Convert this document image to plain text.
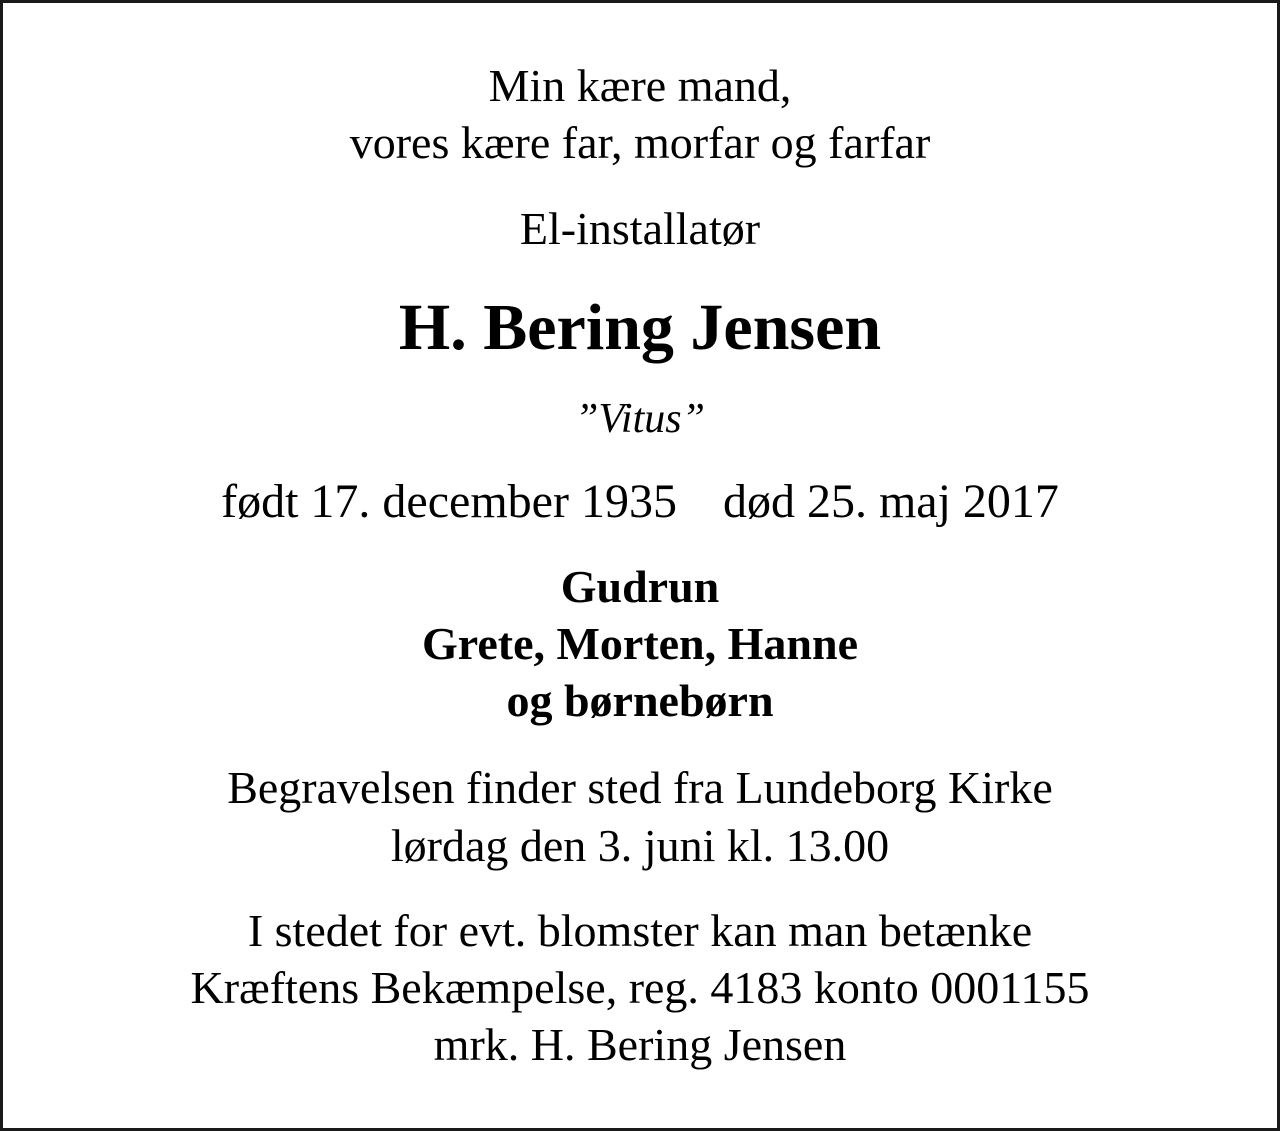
Min kære mand,
vores kære far, morfar og farfar
El-installatør
H. Bering Jensen
”Vitus”
født 17. december 1935 død 25. maj 2017
Gudrun
Grete, Morten, Hanne
og børnebørn
Begravelsen finder sted fra Lundeborg Kirke
lørdag den 3. juni kl. 13.00
I stedet for evt. blomster kan man betænke
Kræftens Bekæmpelse, reg. 4183 konto 0001155
mrk. H. Bering Jensen
